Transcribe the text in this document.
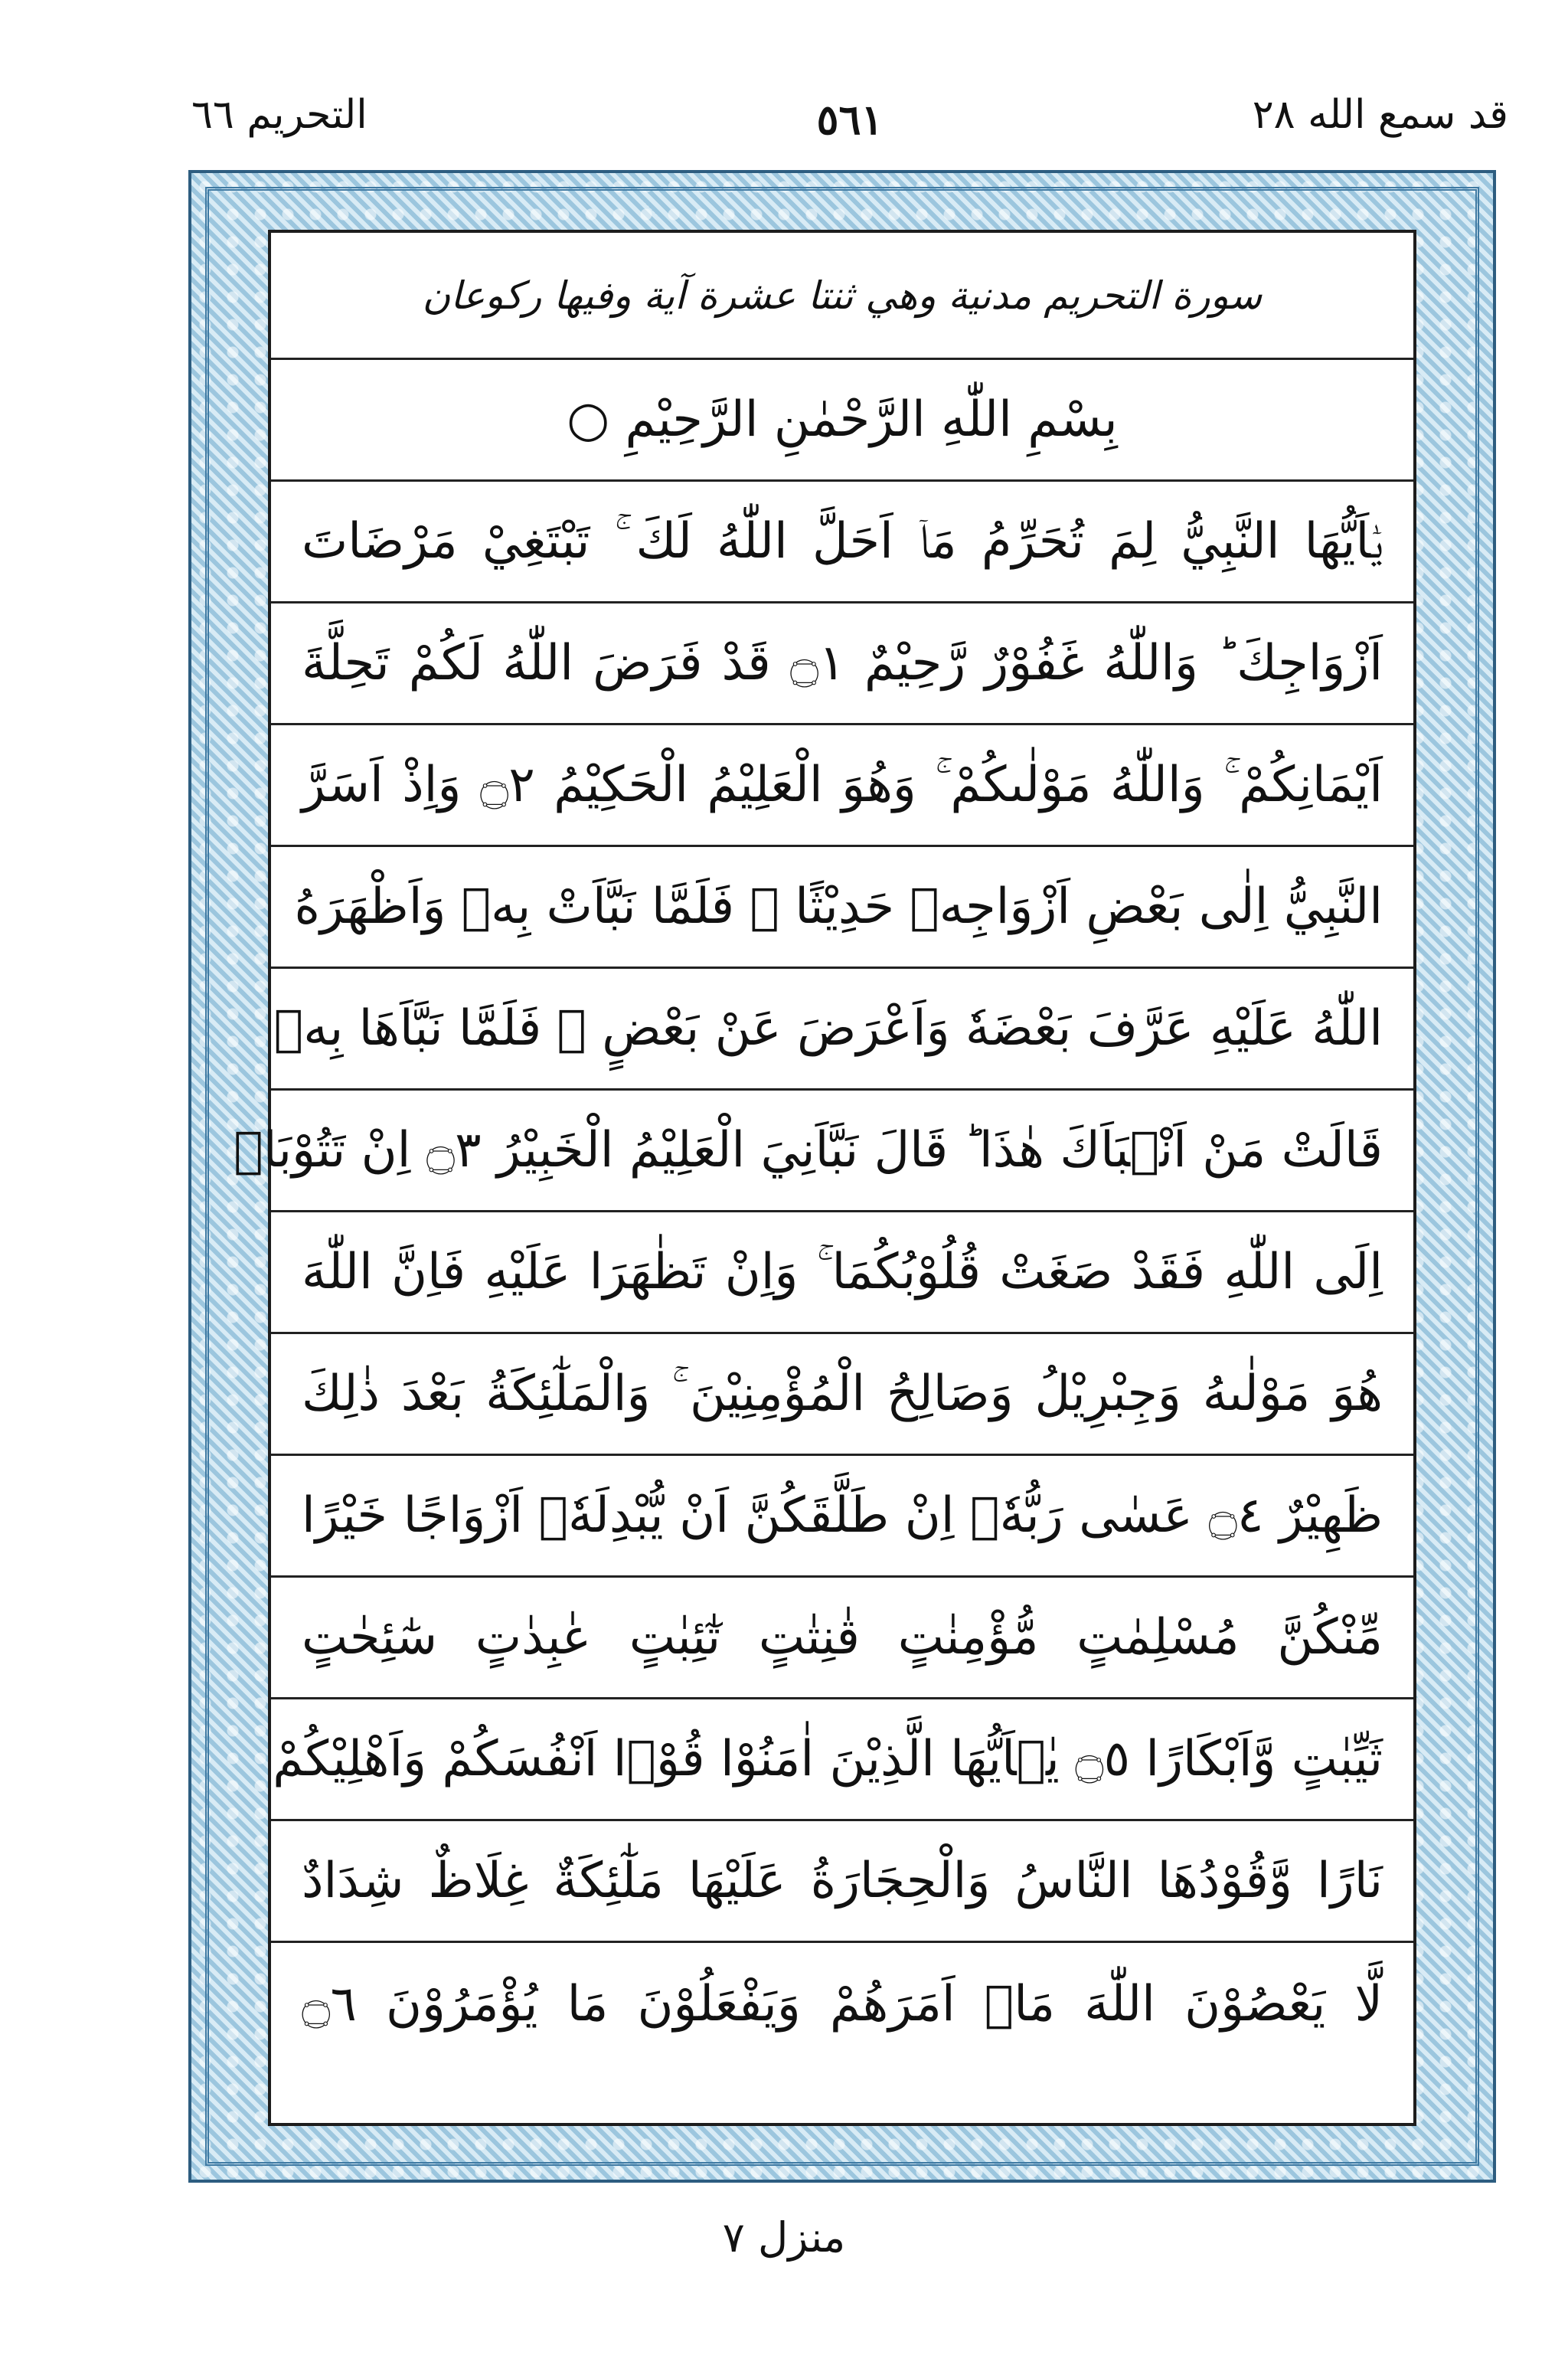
قد سمع الله ٢٨
٥٦١
التحريم ٦٦
سورة التحريم مدنية وهي ثنتا عشرة آية وفيها ركوعان
بِسْمِ اللّٰهِ الرَّحْمٰنِ الرَّحِيْمِ ○
يٰۤاَيُّهَا النَّبِيُّ لِمَ تُحَرِّمُ مَاۤ اَحَلَّ اللّٰهُ لَكَ ۚ تَبْتَغِيْ مَرْضَاتَ
اَزْوَاجِكَ ؕ وَاللّٰهُ غَفُوْرٌ رَّحِيْمٌ ۝١ قَدْ فَرَضَ اللّٰهُ لَكُمْ تَحِلَّةَ
اَيْمَانِكُمْ ۚ وَاللّٰهُ مَوْلٰىكُمْ ۚ وَهُوَ الْعَلِيْمُ الْحَكِيْمُ ۝٢ وَاِذْ اَسَرَّ
النَّبِيُّ اِلٰى بَعْضِ اَزْوَاجِهٖ حَدِيْثًا ۚ فَلَمَّا نَبَّاَتْ بِهٖ وَاَظْهَرَهُ
اللّٰهُ عَلَيْهِ عَرَّفَ بَعْضَهٗ وَاَعْرَضَ عَنْ بَعْضٍ ۚ فَلَمَّا نَبَّاَهَا بِهٖ
قَالَتْ مَنْ اَنْۢبَاَكَ هٰذَا ؕ قَالَ نَبَّاَنِيَ الْعَلِيْمُ الْخَبِيْرُ ۝٣ اِنْ تَتُوْبَاۤ
اِلَى اللّٰهِ فَقَدْ صَغَتْ قُلُوْبُكُمَا ۚ وَاِنْ تَظٰهَرَا عَلَيْهِ فَاِنَّ اللّٰهَ
هُوَ مَوْلٰىهُ وَجِبْرِيْلُ وَصَالِحُ الْمُؤْمِنِيْنَ ۚ وَالْمَلٰٓئِكَةُ بَعْدَ ذٰلِكَ
ظَهِيْرٌ ۝٤ عَسٰى رَبُّهٗۤ اِنْ طَلَّقَكُنَّ اَنْ يُّبْدِلَهٗۤ اَزْوَاجًا خَيْرًا
مِّنْكُنَّ مُسْلِمٰتٍ مُّؤْمِنٰتٍ قٰنِتٰتٍ تٰٓئِبٰتٍ عٰبِدٰتٍ سٰٓئِحٰتٍ
ثَيِّبٰتٍ وَّاَبْكَارًا ۝٥ يٰۤاَيُّهَا الَّذِيْنَ اٰمَنُوْا قُوْۤا اَنْفُسَكُمْ وَاَهْلِيْكُمْ
نَارًا وَّقُوْدُهَا النَّاسُ وَالْحِجَارَةُ عَلَيْهَا مَلٰٓئِكَةٌ غِلَاظٌ شِدَادٌ
لَّا يَعْصُوْنَ اللّٰهَ مَاۤ اَمَرَهُمْ وَيَفْعَلُوْنَ مَا يُؤْمَرُوْنَ ۝٦
منزل ٧
